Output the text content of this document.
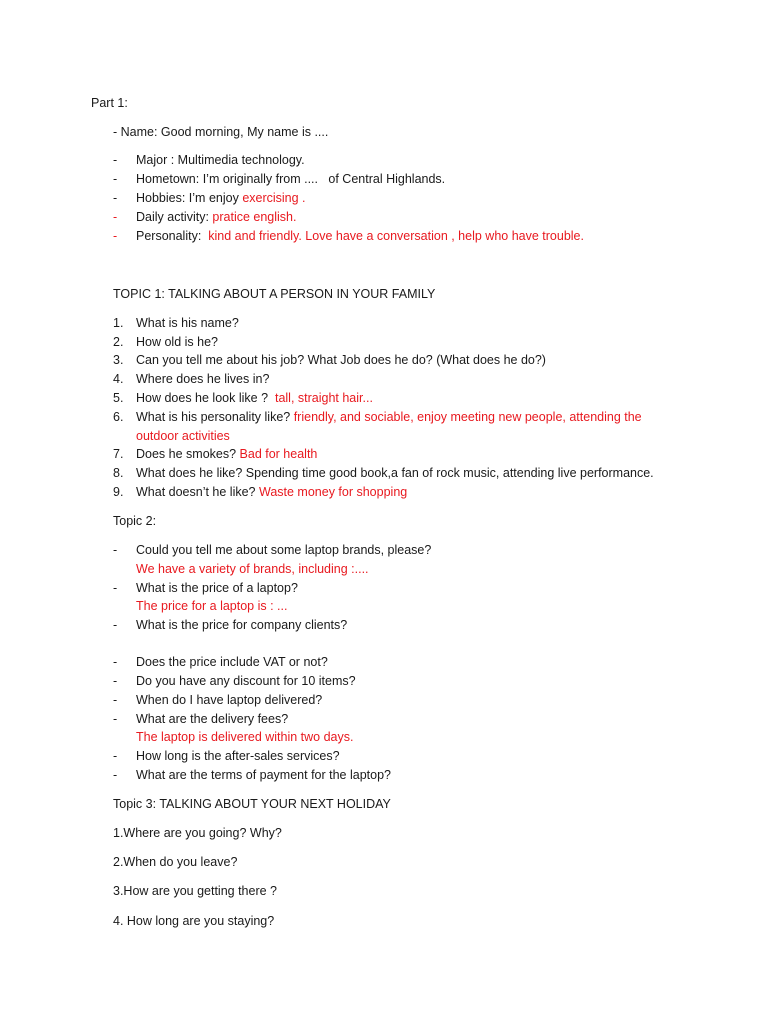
Part 1:
- Name: Good morning, My name is ....
- Major : Multimedia technology.
- Hometown: I’m originally from ....   of Central Highlands.
- Hobbies: I’m enjoy exercising .
- Daily activity: pratice english.
- Personality:  kind and friendly. Love have a conversation , help who have trouble.
TOPIC 1: TALKING ABOUT A PERSON IN YOUR FAMILY
1. What is his name?
2. How old is he?
3. Can you tell me about his job? What Job does he do? (What does he do?)
4. Where does he lives in?
5. How does he look like ?  tall, straight hair...
6. What is his personality like? friendly, and sociable, enjoy meeting new people, attending the
outdoor activities
7. Does he smokes? Bad for health
8. What does he like? Spending time good book,a fan of rock music, attending live performance.
9. What doesn’t he like? Waste money for shopping
Topic 2:
- Could you tell me about some laptop brands, please?
We have a variety of brands, including :....
- What is the price of a laptop?
The price for a laptop is : ...
- What is the price for company clients?
- Does the price include VAT or not?
- Do you have any discount for 10 items?
- When do I have laptop delivered?
- What are the delivery fees?
The laptop is delivered within two days.
- How long is the after-sales services?
- What are the terms of payment for the laptop?
Topic 3: TALKING ABOUT YOUR NEXT HOLIDAY
1.Where are you going? Why?
2.When do you leave?
3.How are you getting there ?
4. How long are you staying?
